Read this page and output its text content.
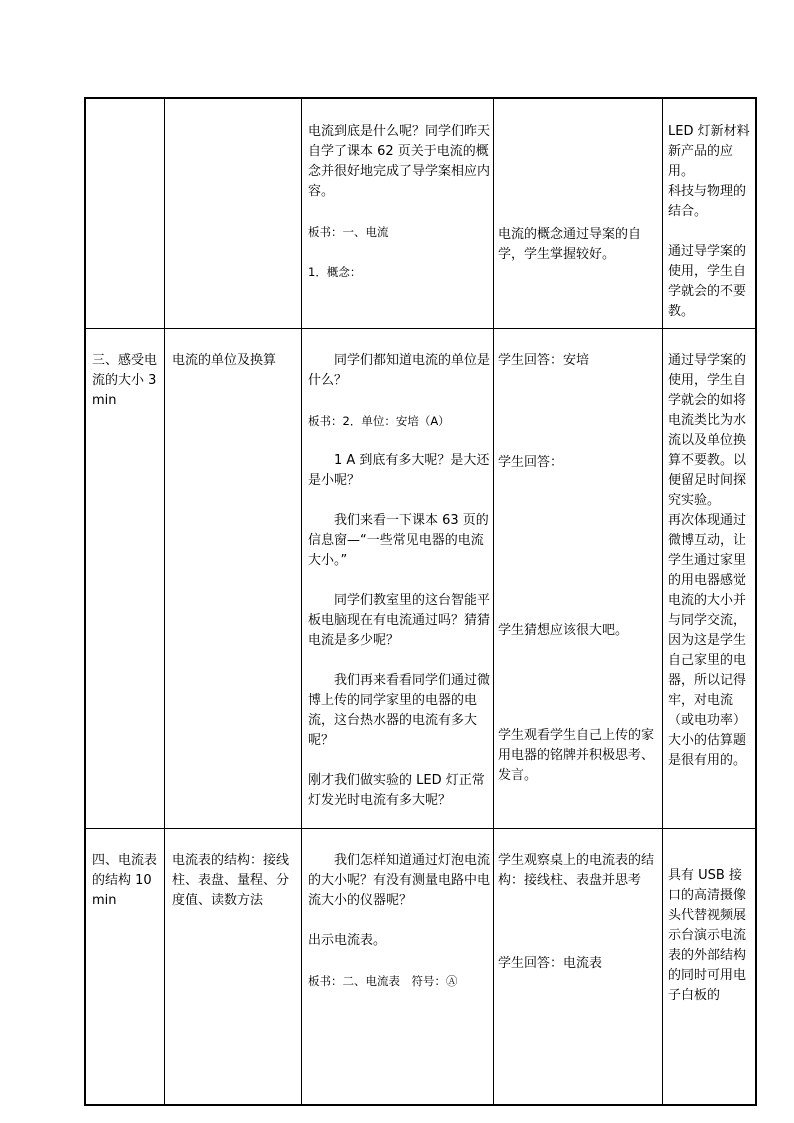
电流到底是什么呢？同学们昨天自学了课本 62 页关于电流的概念并很好地完成了导学案相应内容。

板书：一、电流

1．概念：

电流的概念通过导案的自学，学生掌握较好。

LED 灯新材料新产品的应用。
科技与物理的结合。

通过导学案的使用，学生自学就会的不要教。

三、感受电流的大小 3 min

电流的单位及换算	同学们都知道电流的单位是什么？

板书：2．单位：安培（A）

1 A 到底有多大呢？是大还是小呢？

我们来看一下课本 63 页的信息窗—“一些常见电器的电流大小。”

同学们教室里的这台智能平板电脑现在有电流通过吗？猜猜电流是多少呢？

我们再来看看同学们通过微博上传的同学家里的电器的电流，这台热水器的电流有多大呢？

刚才我们做实验的 LED 灯正常灯发光时电流有多大呢？

学生回答：安培

学生回答：

学生猜想应该很大吧。

学生观看学生自己上传的家用电器的铭牌并积极思考、发言。

通过导学案的使用，学生自学就会的如将电流类比为水流以及单位换算不要教。以便留足时间探究实验。
再次体现通过微博互动，让学生通过家里的用电器感觉电流的大小并与同学交流，因为这是学生自己家里的电器，所以记得牢，对电流（或电功率）大小的估算题是很有用的。

四、电流表的结构 10 min

电流表的结构：接线柱、表盘、量程、分度值、读数方法

我们怎样知道通过灯泡电流的大小呢？有没有测量电路中电流大小的仪器呢？

出示电流表。

板书：二、电流表　符号：Ⓐ

学生观察桌上的电流表的结构：接线柱、表盘并思考

学生回答：电流表

具有 USB 接口的高清摄像头代替视频展示台演示电流表的外部结构的同时可用电子白板的
